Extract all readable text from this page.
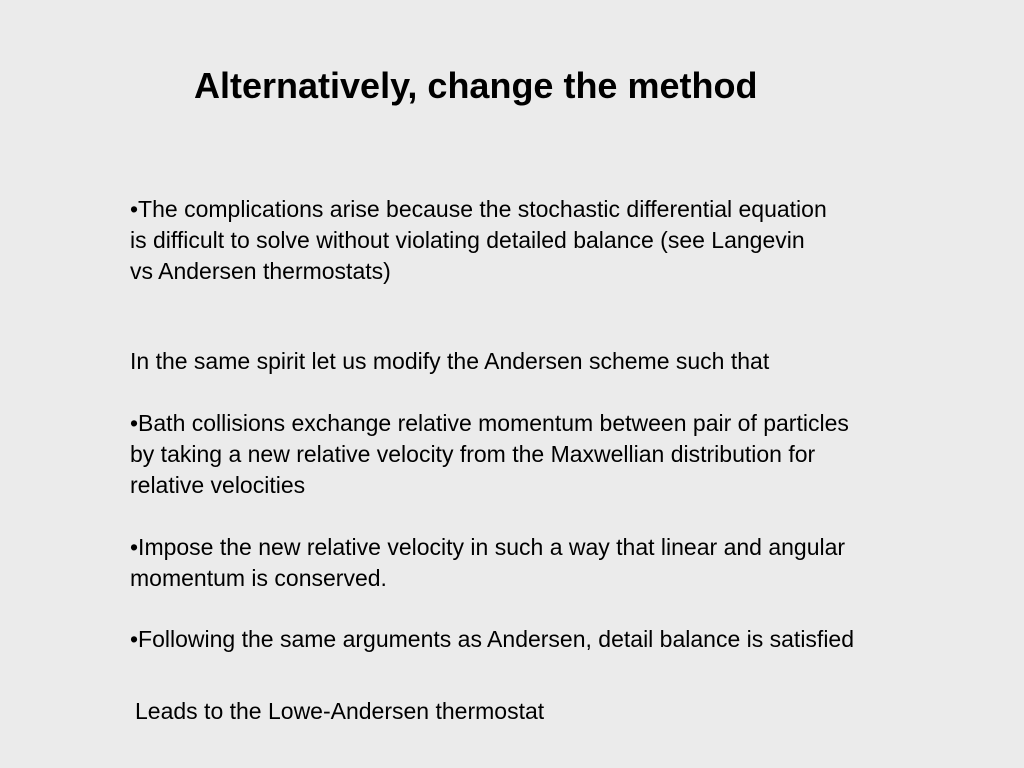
Alternatively, change the method

•The complications arise because the stochastic differential equation
is difficult to solve without violating detailed balance (see Langevin
vs Andersen thermostats)

In the same spirit let us modify the Andersen scheme such that

•Bath collisions exchange relative momentum between pair of particles
by taking a new relative velocity from the Maxwellian distribution for
relative velocities

•Impose the new relative velocity in such a way that linear and angular
momentum is conserved.

•Following the same arguments as Andersen, detail balance is satisfied

Leads to the Lowe-Andersen thermostat
